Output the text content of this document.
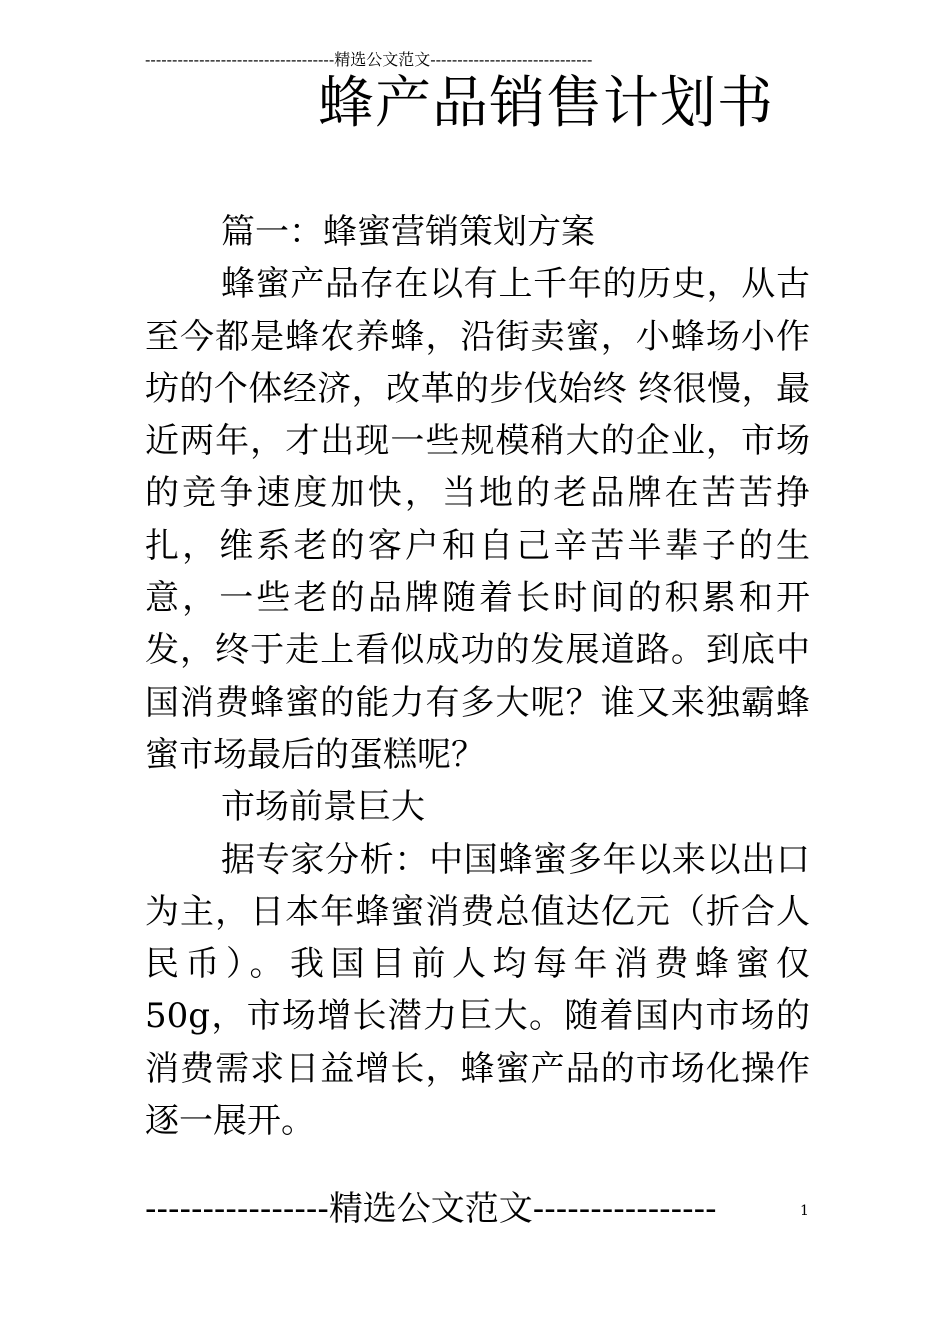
-----------------------------------精选公文范文------------------------------
蜂产品销售计划书

篇一：蜂蜜营销策划方案

蜂蜜产品存在以有上千年的历史，从古至今都是蜂农养蜂，沿街卖蜜，小蜂场小作坊的个体经济，改革的步伐始终 终很慢，最近两年，才出现一些规模稍大的企业，市场的竞争速度加快，当地的老品牌在苦苦挣扎，维系老的客户和自己辛苦半辈子的生意，一些老的品牌随着长时间的积累和开发，终于走上看似成功的发展道路。到底中国消费蜂蜜的能力有多大呢？谁又来独霸蜂蜜市场最后的蛋糕呢？

市场前景巨大

据专家分析：中国蜂蜜多年以来以出口为主，日本年蜂蜜消费总值达亿元（折合人民币）。我国目前人均每年消费蜂蜜仅 50g，市场增长潜力巨大。随着国内市场的消费需求日益增长，蜂蜜产品的市场化操作逐一展开。

----------------精选公文范文----------------	1
